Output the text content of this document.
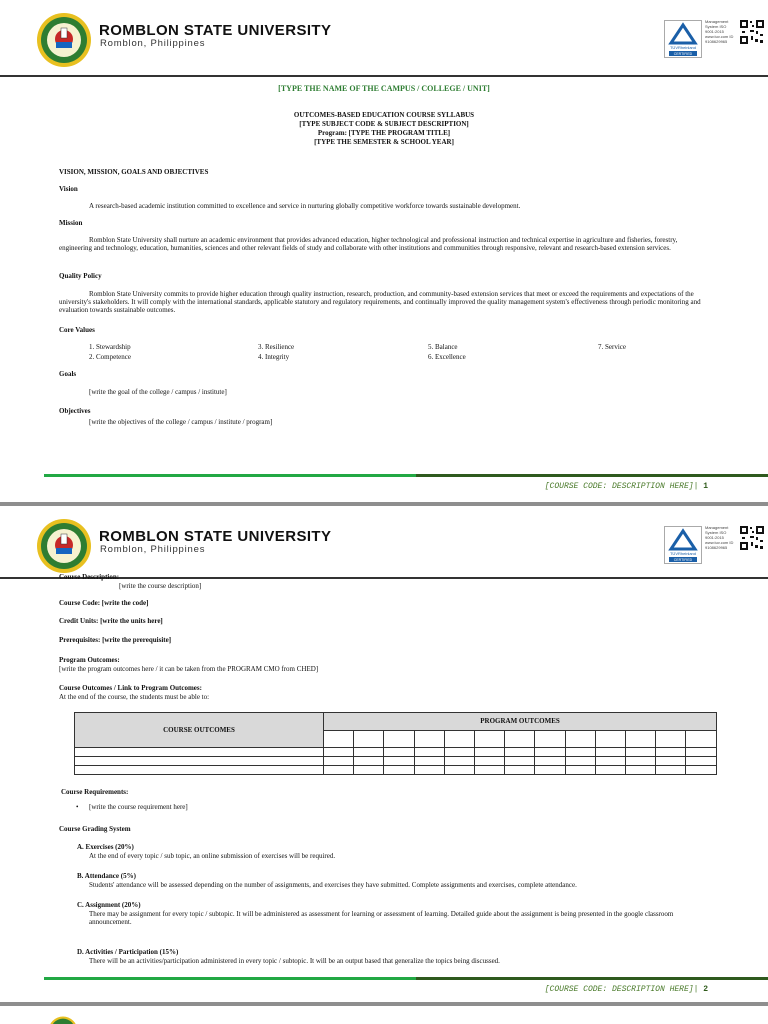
ROMBLON STATE UNIVERSITY
Romblon, Philippines	TÜVRheinland
CERTIFIED
Management System ISO 9001:2015 www.tuv.com ID 9108629965
[TYPE THE NAME OF THE CAMPUS / COLLEGE / UNIT]
OUTCOMES-BASED EDUCATION COURSE SYLLABUS
[TYPE SUBJECT CODE & SUBJECT DESCRIPTION]
Program: [TYPE THE PROGRAM TITLE]
[TYPE THE SEMESTER & SCHOOL YEAR]
VISION, MISSION, GOALS AND OBJECTIVES
Vision
A research-based academic institution committed to excellence and service in nurturing globally competitive workforce towards sustainable development.
Mission
Romblon State University shall nurture an academic environment that provides advanced education, higher technological and professional instruction and technical expertise in agriculture and fisheries, forestry, engineering and technology, education, humanities, sciences and other relevant fields of study and collaborate with other institutions and communities through responsive, relevant and research-based extension services.
Quality Policy
Romblon State University commits to provide higher education through quality instruction, research, production, and community-based extension services that meet or exceed the requirements and expectations of the university's stakeholders. It will comply with the international standards, applicable statutory and regulatory requirements, and continually improved the quality management system's effectiveness through periodic monitoring and evaluation towards sustainable outcomes.
Core Values
1. Stewardship	3. Resilience	5. Balance	7. Service
2. Competence	4. Integrity	6. Excellence
Goals
[write the goal of the college / campus / institute]
Objectives
[write the objectives of the college / campus / institute / program]
[COURSE CODE: DESCRIPTION HERE]| 1
ROMBLON STATE UNIVERSITY
Romblon, Philippines	TÜVRheinland
CERTIFIED
Management System ISO 9001:2015 www.tuv.com ID 9108629965
Course Description:
[write the course description]
Course Code: [write the code]
Credit Units: [write the units here]
Prerequisites: [write the prerequisite]
Program Outcomes:
[write the program outcomes here / it can be taken from the PROGRAM CMO from CHED]
Course Outcomes / Link to Program Outcomes:
At the end of the course, the students must be able to:
COURSE OUTCOMES	PROGRAM OUTCOMES												

Course Requirements:
• [write the course requirement here]
Course Grading System
A. Exercises (20%)
At the end of every topic / sub topic, an online submission of exercises will be required.
B. Attendance (5%)
Students' attendance will be assessed depending on the number of assignments, and exercises they have submitted. Complete assignments and exercises, complete attendance.
C. Assignment (20%)
There may be assignment for every topic / subtopic. It will be administered as assessment for learning or assessment of learning. Detailed guide about the assignment is being presented in the google classroom announcement.
D. Activities / Participation (15%)
There will be an activities/participation administered in every topic / subtopic. It will be an output based that generalize the topics being discussed.
[COURSE CODE: DESCRIPTION HERE]| 2
